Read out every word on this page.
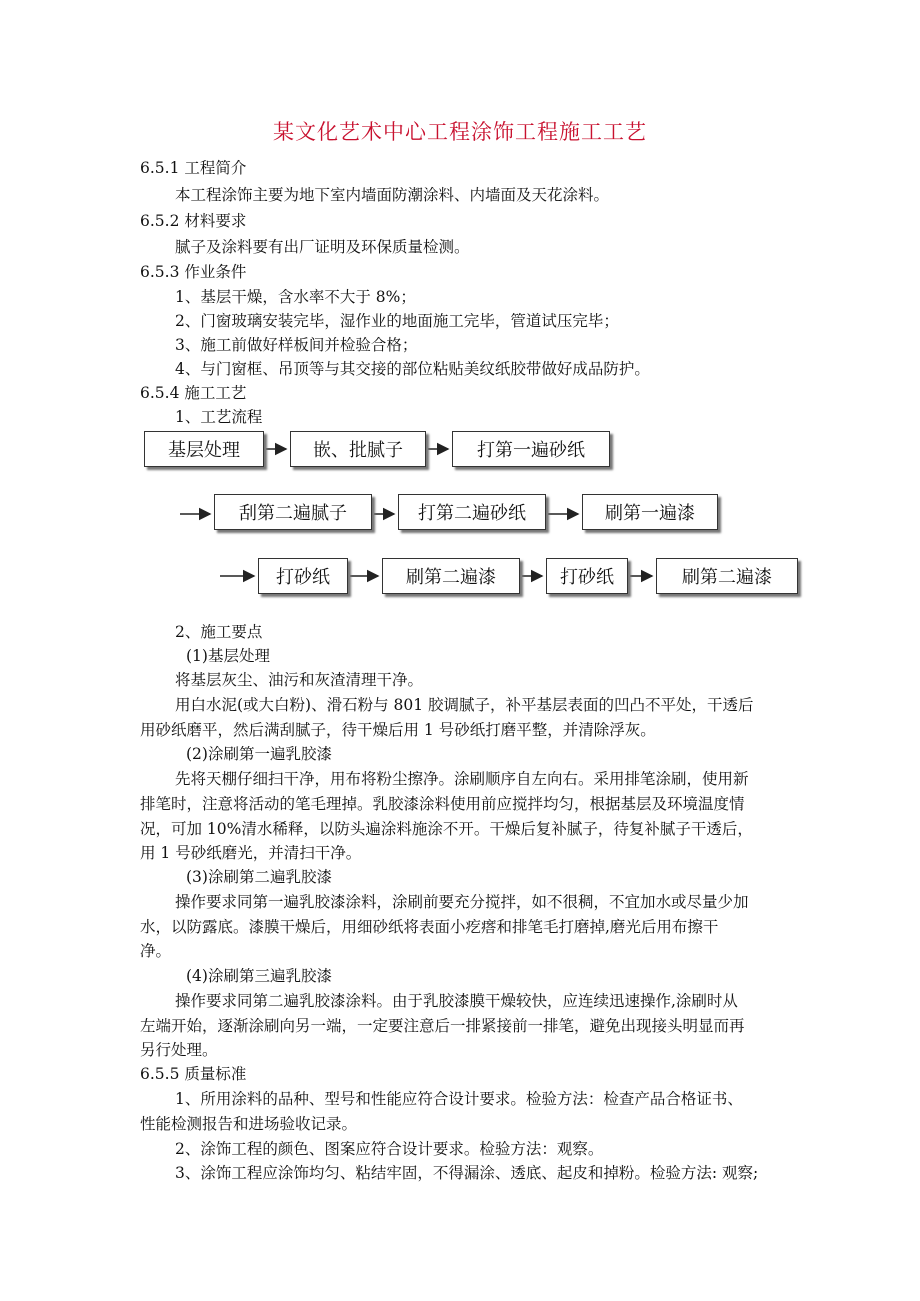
某文化艺术中心工程涂饰工程施工工艺
6.5.1 工程简介
本工程涂饰主要为地下室内墙面防潮涂料、内墙面及天花涂料。
6.5.2 材料要求
腻子及涂料要有出厂证明及环保质量检测。
6.5.3 作业条件
1、基层干燥，含水率不大于 8%；
2、门窗玻璃安装完毕，湿作业的地面施工完毕，管道试压完毕；
3、施工前做好样板间并检验合格；
4、与门窗框、吊顶等与其交接的部位粘贴美纹纸胶带做好成品防护。
6.5.4 施工工艺
1、工艺流程
基层处理	嵌、批腻子	打第一遍砂纸
刮第二遍腻子	打第二遍砂纸	刷第一遍漆
打砂纸	刷第二遍漆	打砂纸	刷第二遍漆
2、施工要点
(1)基层处理
将基层灰尘、油污和灰渣清理干净。
用白水泥(或大白粉)、滑石粉与 801 胶调腻子，补平基层表面的凹凸不平处，干透后
用砂纸磨平，然后满刮腻子，待干燥后用 1 号砂纸打磨平整，并清除浮灰。
(2)涂刷第一遍乳胶漆
先将天棚仔细扫干净，用布将粉尘擦净。涂刷顺序自左向右。采用排笔涂刷，使用新
排笔时，注意将活动的笔毛理掉。乳胶漆涂料使用前应搅拌均匀，根据基层及环境温度情
况，可加 10%清水稀释，以防头遍涂料施涂不开。干燥后复补腻子，待复补腻子干透后，
用 1 号砂纸磨光，并清扫干净。
(3)涂刷第二遍乳胶漆
操作要求同第一遍乳胶漆涂料，涂刷前要充分搅拌，如不很稠，不宜加水或尽量少加
水，以防露底。漆膜干燥后，用细砂纸将表面小疙瘩和排笔毛打磨掉,磨光后用布擦干
净。
(4)涂刷第三遍乳胶漆
操作要求同第二遍乳胶漆涂料。由于乳胶漆膜干燥较快，应连续迅速操作,涂刷时从
左端开始，逐渐涂刷向另一端，一定要注意后一排紧接前一排笔，避免出现接头明显而再
另行处理。
6.5.5 质量标准
1、所用涂料的品种、型号和性能应符合设计要求。检验方法：检查产品合格证书、
性能检测报告和进场验收记录。
2、涂饰工程的颜色、图案应符合设计要求。检验方法：观察。
3、涂饰工程应涂饰均匀、粘结牢固，不得漏涂、透底、起皮和掉粉。检验方法: 观察;
